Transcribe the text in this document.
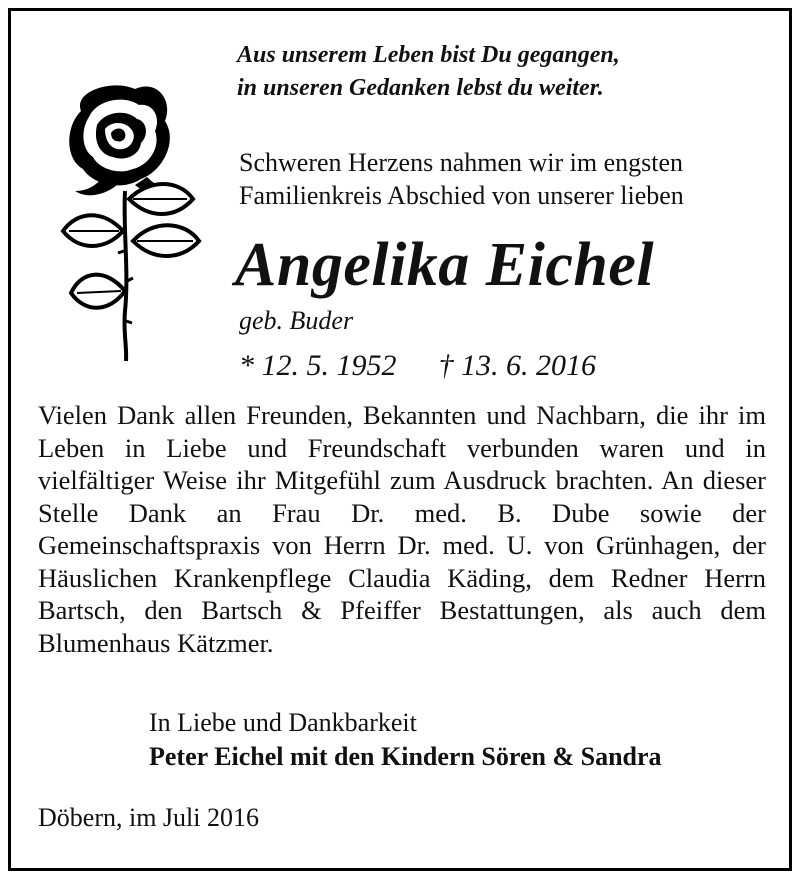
Aus unserem Leben bist Du gegangen,
in unseren Gedanken lebst du weiter.

Schweren Herzens nahmen wir im engsten
Familienkreis Abschied von unserer lieben

Angelika Eichel

geb. Buder
* 12. 5. 1952 † 13. 6. 2016

Vielen Dank allen Freunden, Bekannten und Nachbarn, die ihr im Leben in Liebe und Freundschaft verbunden waren und in vielfältiger Weise ihr Mitgefühl zum Ausdruck brachten. An dieser Stelle Dank an Frau Dr. med. B. Dube sowie der Gemeinschaftspraxis von Herrn Dr. med. U. von Grünhagen, der Häuslichen Krankenpflege Claudia Käding, dem Redner Herrn Bartsch, den Bartsch & Pfeiffer Bestattungen, als auch dem Blumenhaus Kätzmer.

In Liebe und Dankbarkeit

Peter Eichel mit den Kindern Sören & Sandra

Döbern, im Juli 2016
